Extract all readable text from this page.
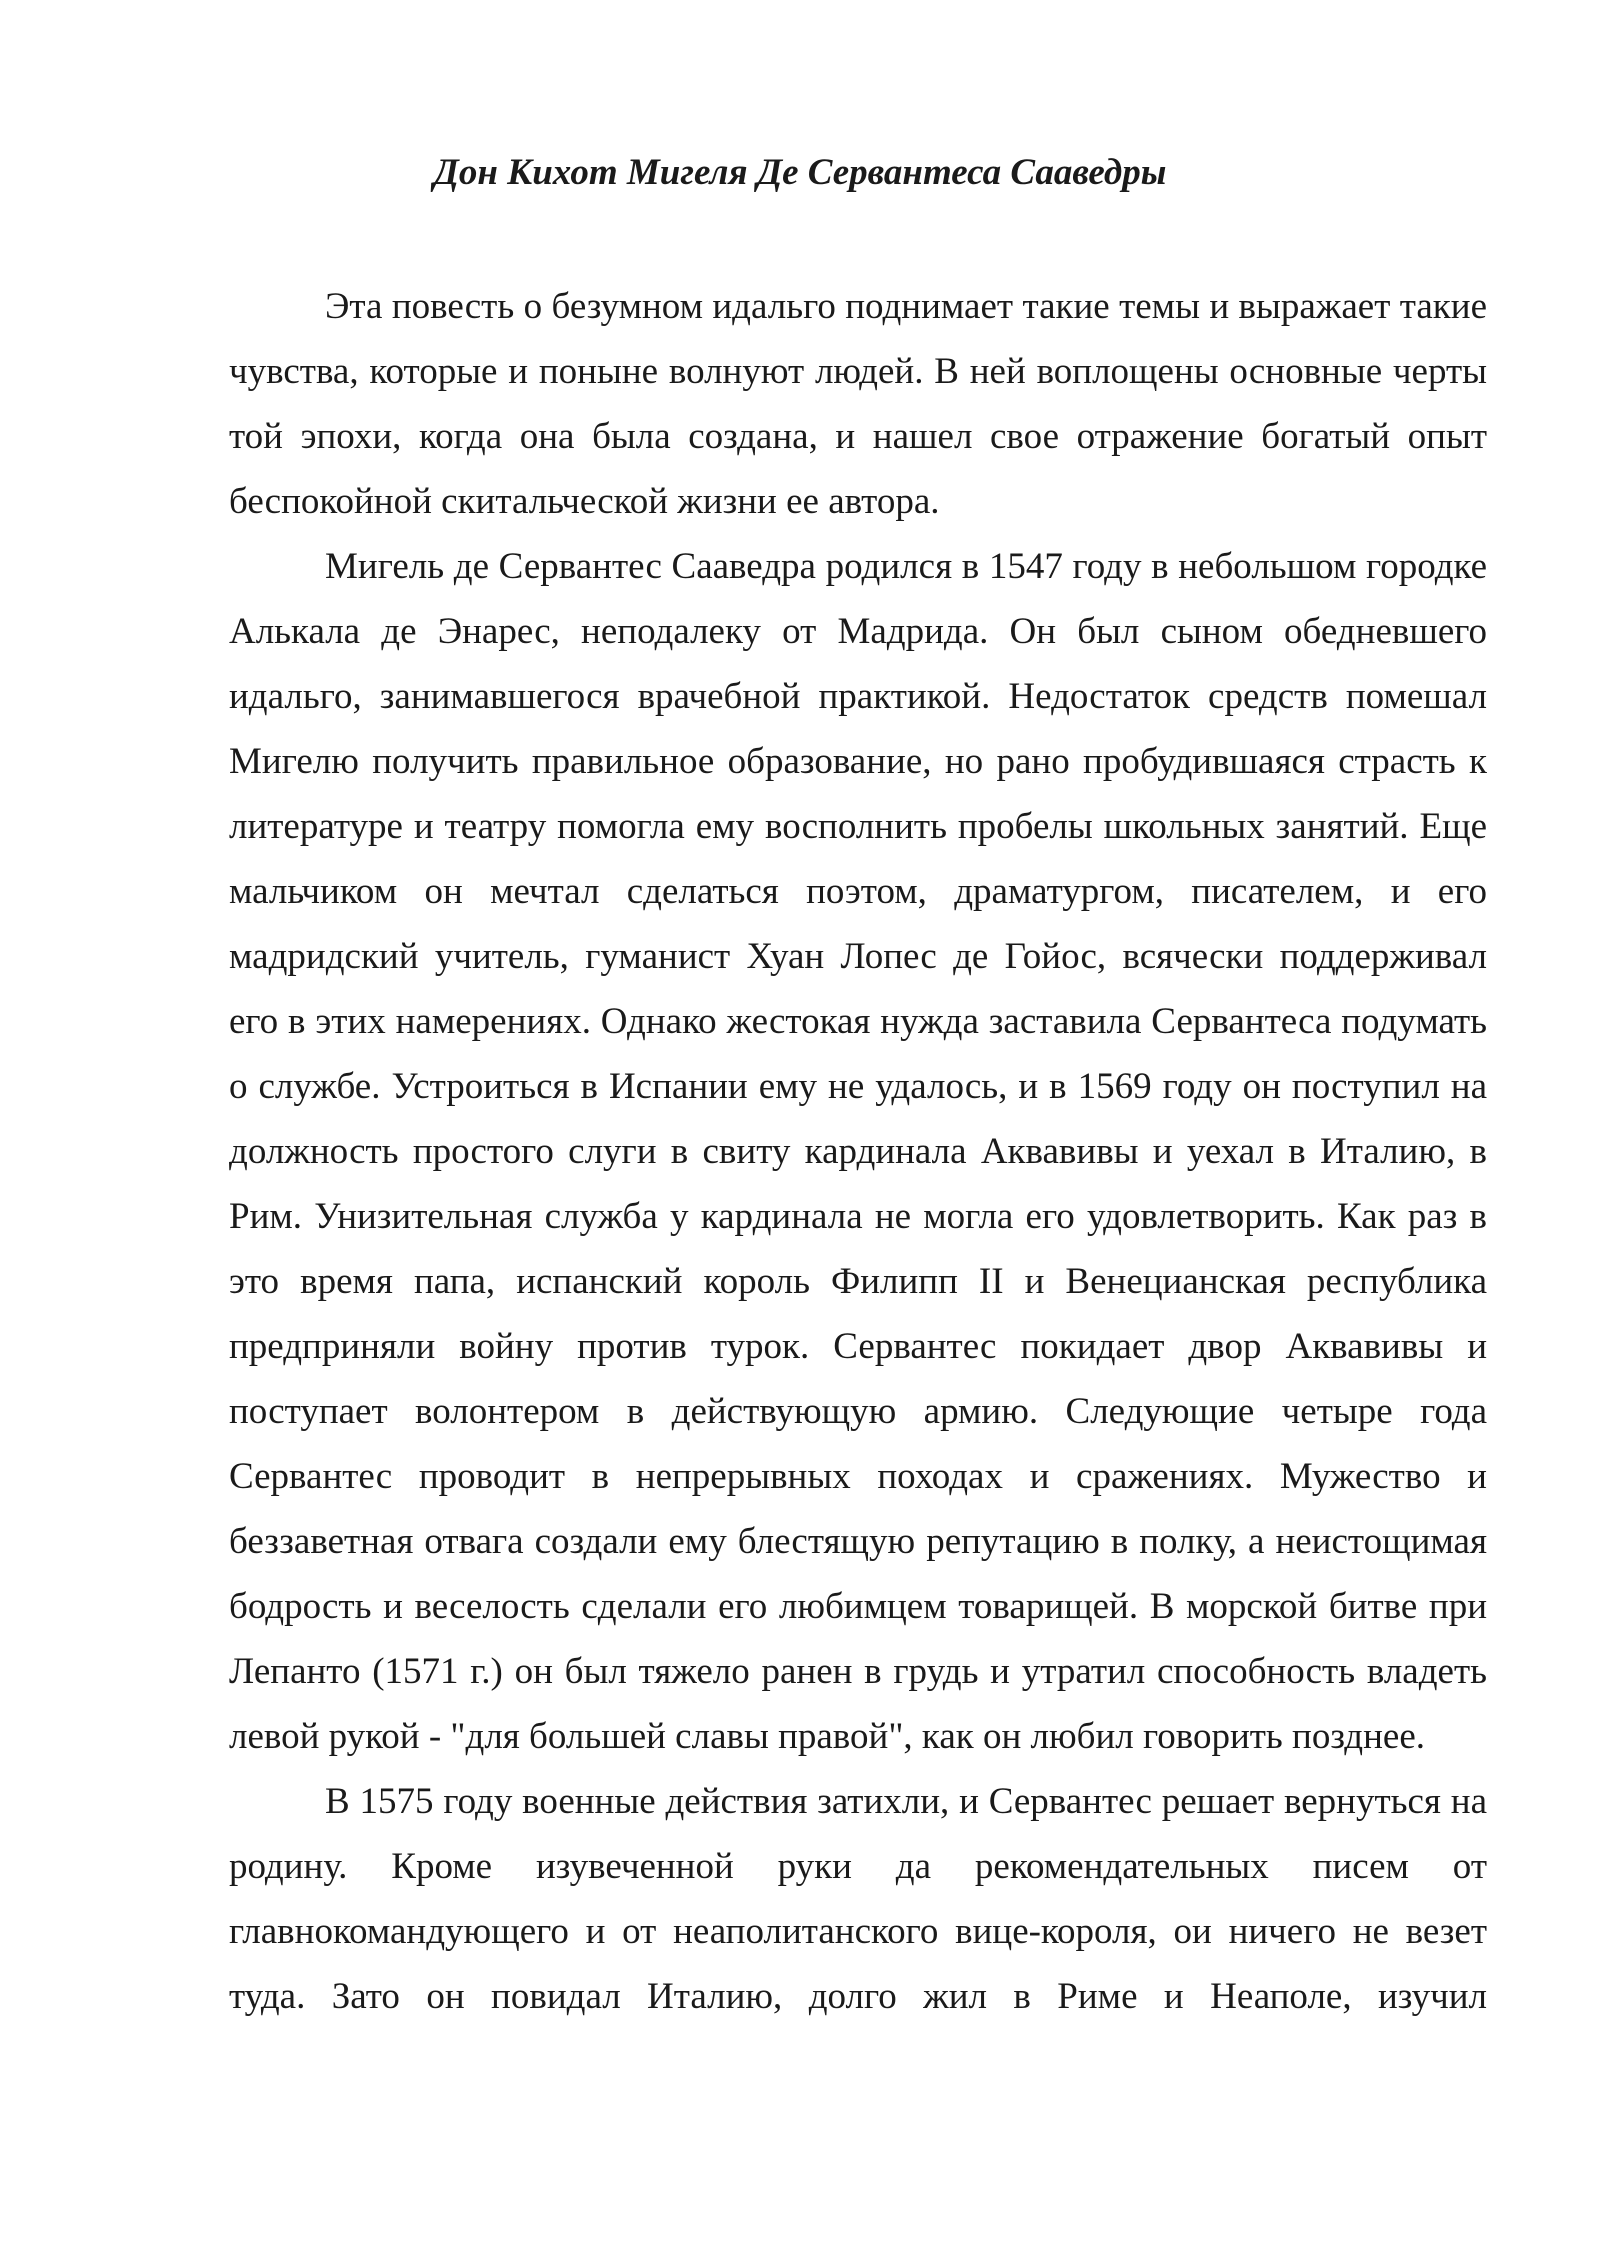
Дон Кихот Мигеля Де Сервантеса Сааведры

Эта повесть о безумном идальго поднимает такие темы и выражает такие чувства, которые и поныне волнуют людей. В ней воплощены основные черты той эпохи, когда она была создана, и нашел свое отражение богатый опыт беспокойной скитальческой жизни ее автора.

Мигель де Сервантес Сааведра родился в 1547 году в небольшом городке Алькала де Энарес, неподалеку от Мадрида. Он был сыном обедневшего идальго, занимавшегося врачебной практикой. Недостаток средств помешал Мигелю получить правильное образование, но рано пробудившаяся страсть к литературе и театру помогла ему восполнить пробелы школьных занятий. Еще мальчиком он мечтал сделаться поэтом, драматургом, писателем, и его мадридский учитель, гуманист Хуан Лопес де Гойос, всячески поддерживал его в этих намерениях. Однако жестокая нужда заставила Сервантеса подумать о службе. Устроиться в Испании ему не удалось, и в 1569 году он поступил на должность простого слуги в свиту кардинала Аквавивы и уехал в Италию, в Рим. Унизительная служба у кардинала не могла его удовлетворить. Как раз в это время папа, испанский король Филипп II и Венецианская республика предприняли войну против турок. Сервантес покидает двор Аквавивы и поступает волонтером в действующую армию. Следующие четыре года Сервантес проводит в непрерывных походах и сражениях. Мужество и беззаветная отвага создали ему блестящую репутацию в полку, а неистощимая бодрость и веселость сделали его любимцем товарищей. В морской битве при Лепанто (1571 г.) он был тяжело ранен в грудь и утратил способность владеть левой рукой - "для большей славы правой", как он любил говорить позднее.

В 1575 году военные действия затихли, и Сервантес решает вернуться на родину. Кроме изувеченной руки да рекомендательных писем от главнокомандующего и от неаполитанского вице-короля, ои ничего не везет туда. Зато он повидал Италию, долго жил в Риме и Неаполе, изучил
